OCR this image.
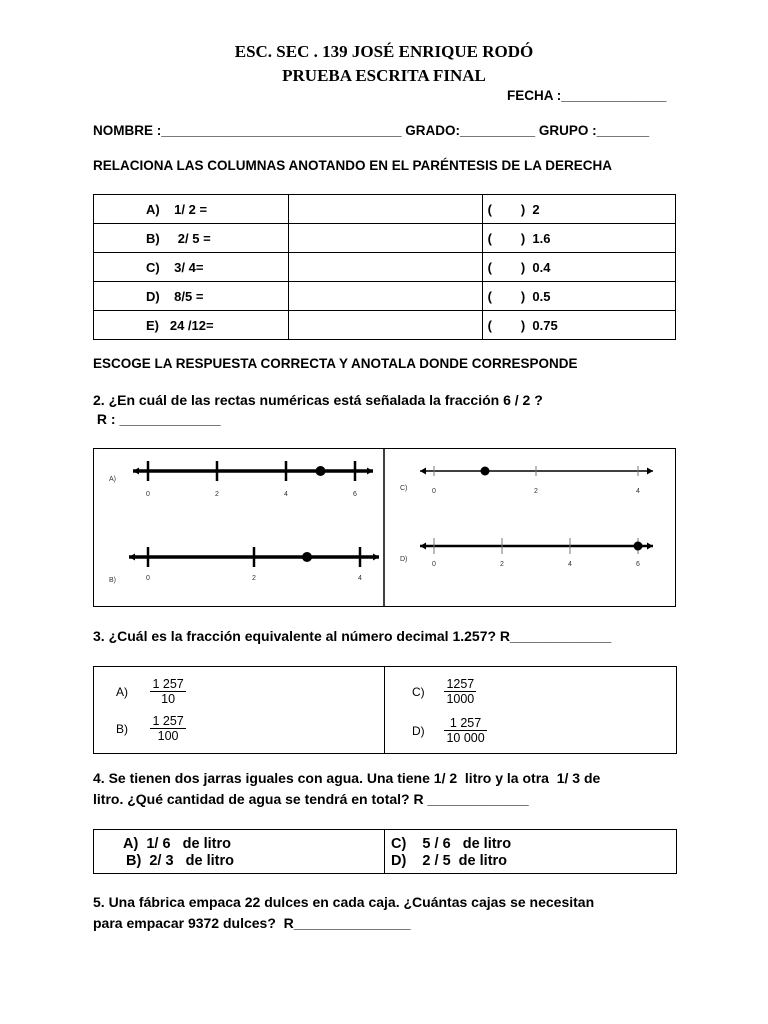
ESC. SEC . 139 JOSÉ ENRIQUE RODÓ
PRUEBA ESCRITA FINAL
FECHA :______________
NOMBRE :________________________________ GRADO:__________ GRUPO :_______
RELACIONA LAS COLUMNAS ANOTANDO EN EL PARÉNTESIS DE LA DERECHA
A)    1/ 2 =		(        )  2
B)     2/ 5 =		(        )  1.6
C)    3/ 4=		(        )  0.4
D)    8/5 =		(        )  0.5
E)   24 /12=		(        )  0.75
ESCOGE LA RESPUESTA CORRECTA Y ANOTALA DONDE CORRESPONDE
2. ¿En cuál de las rectas numéricas está señalada la fracción 6 / 2 ?
R : _____________
A)
0	2	4	6
B)	0	2	4
C)	0	2	4
D)
0	2	4	6
3. ¿Cuál es la fracción equivalente al número decimal 1.257? R_____________
$A) \frac{1 257}{10}$
$B) \frac{1 257}{100}$
$C) \frac{1257}{1000}$
$D) \frac{1 257}{10 000}$
4. Se tienen dos jarras iguales con agua. Una tiene 1/ 2  litro y la otra  1/ 3 de
litro. ¿Qué cantidad de agua se tendrá en total? R _____________
A)  1/ 6   de litro
B)  2/ 3   de litro
C)    5 / 6   de litro
D)    2 / 5  de litro
5. Una fábrica empaca 22 dulces en cada caja. ¿Cuántas cajas se necesitan
para empacar 9372 dulces?  R_______________
